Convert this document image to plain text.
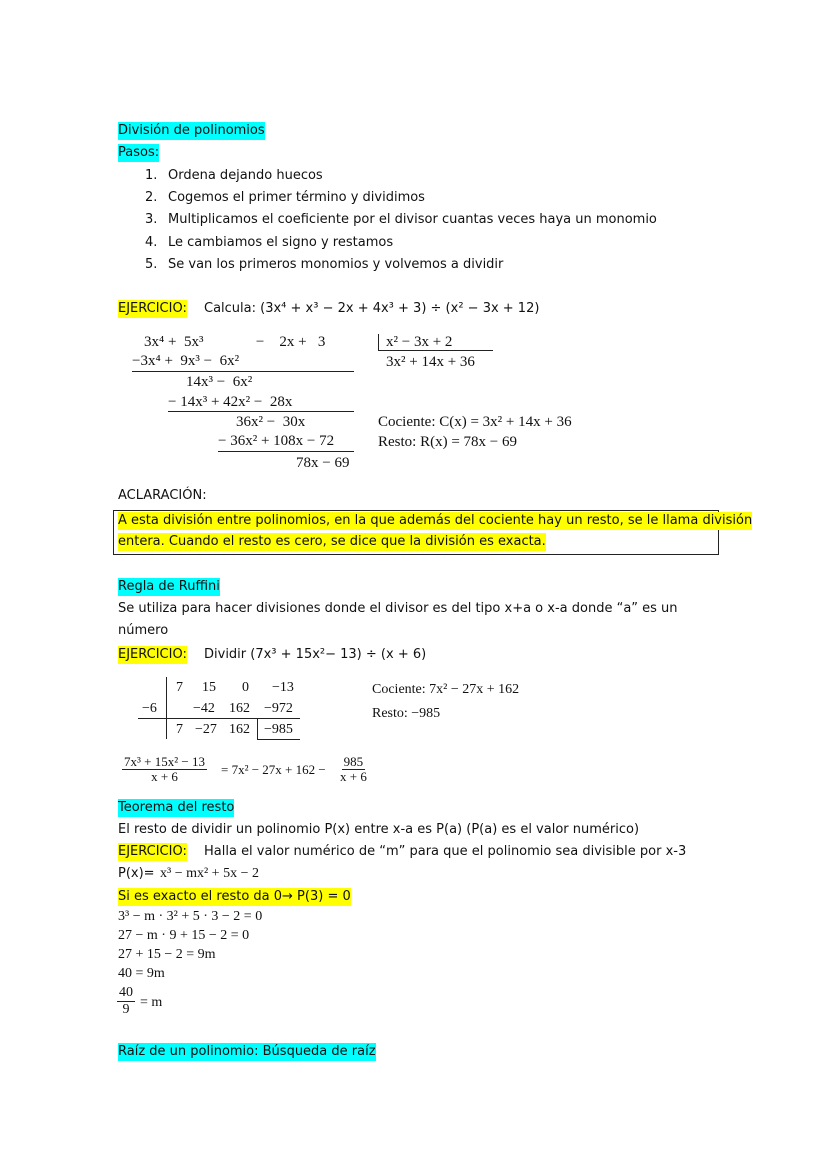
División de polinomios
Pasos:
1. Ordena dejando huecos
2. Cogemos el primer término y dividimos
3. Multiplicamos el coeficiente por el divisor cuantas veces haya un monomio
4. Le cambiamos el signo y restamos
5. Se van los primeros monomios y volvemos a dividir
EJERCICIO: Calcula: (3x⁴ + x³ − 2x + 4x³ + 3) ÷ (x² − 3x + 12)
3x⁴ +  5x³              −    2x +   3
−3x⁴ +  9x³ −  6x²
14x³ −  6x²
− 14x³ + 42x² −  28x
36x² −  30x
− 36x² + 108x − 72
78x − 69
x² − 3x + 2
3x² + 14x + 36
Cociente: C(x) = 3x² + 14x + 36
Resto: R(x) = 78x − 69
ACLARACIÓN:
A esta división entre polinomios, en la que además del cociente hay un resto, se le llama división
entera. Cuando el resto es cero, se dice que la división es exacta.
Regla de Ruffini
Se utiliza para hacer divisiones donde el divisor es del tipo x+a o x-a donde “a” es un
número
EJERCICIO: Dividir (7x³ + 15x²− 13) ÷ (x + 6)
7 15 0 −13
−6	−42 162 −972
7 −27 162 −985
Cociente: 7x² − 27x + 162
Resto: −985
$\frac{\text{7x³ + 15x² − 13}}{x + 6} = 7x^2 - 27x + 162 - \frac{985}{x + 6}$
Teorema del resto
El resto de dividir un polinomio P(x) entre x-a es P(a) (P(a) es el valor numérico)
EJERCICIO: Halla el valor numérico de “m” para que el polinomio sea divisible por x-3
P(x)= x³ − mx² + 5x − 2
Si es exacto el resto da 0→ P(3) = 0
3³ − m · 3² + 5 · 3 − 2 = 0
27 − m · 9 + 15 − 2 = 0
27 + 15 − 2 = 9m
40 = 9m
$\frac{40}{9} = m$
Raíz de un polinomio: Búsqueda de raíz
